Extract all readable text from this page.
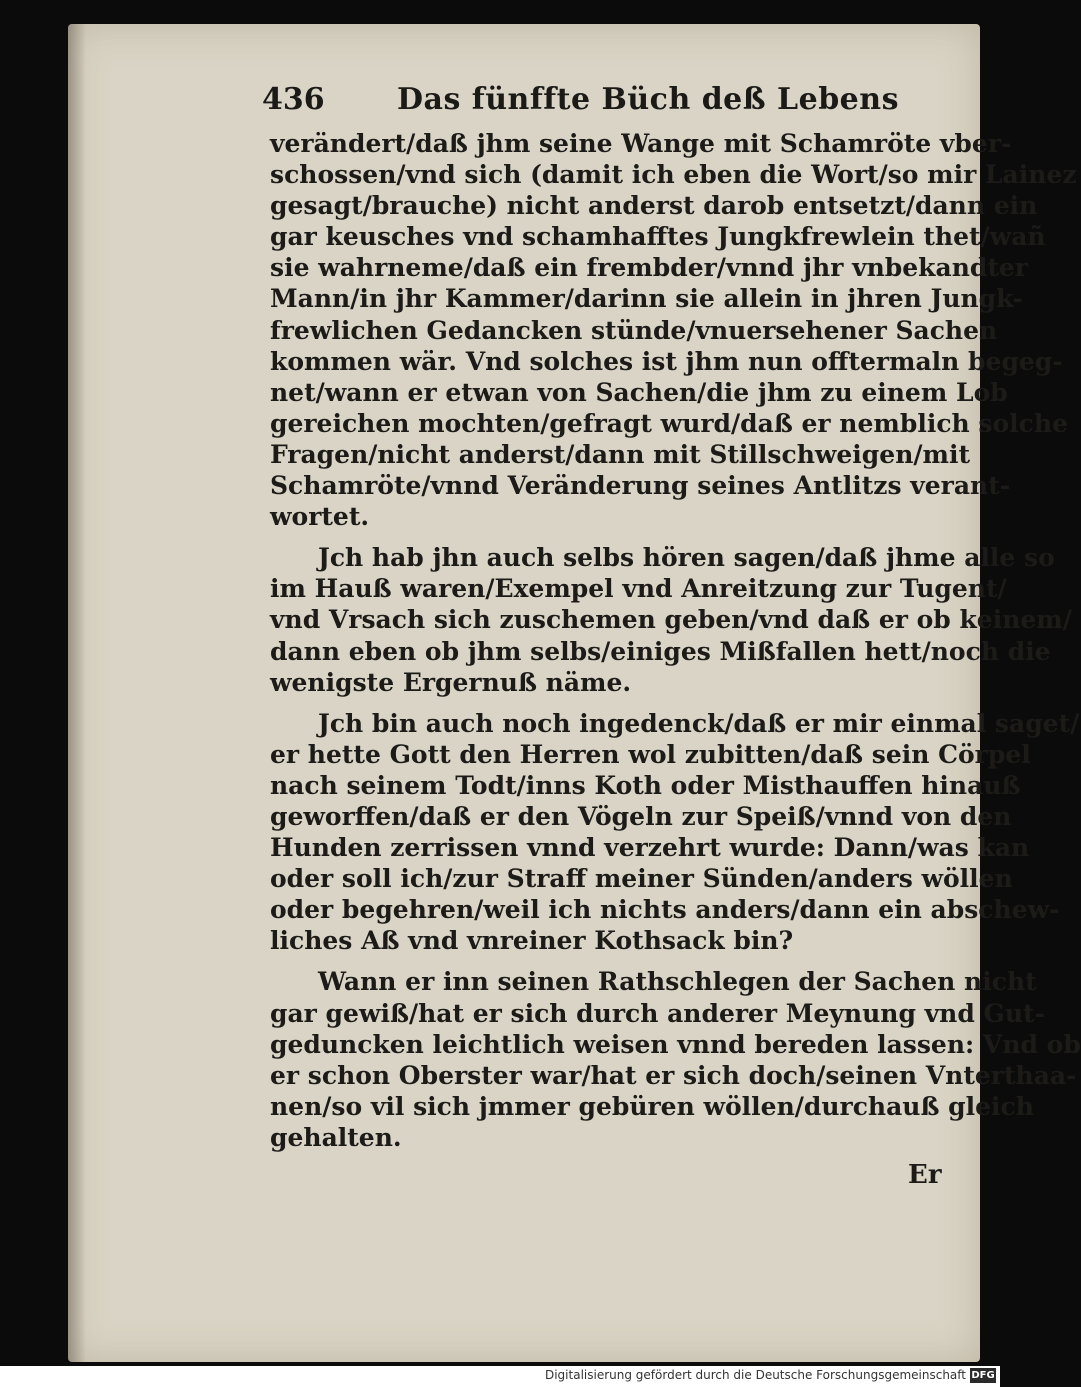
436 Das fünffte Büch deß Lebens
verändert/daß jhm seine Wange mit Schamröte vber-
schossen/vnd sich (damit ich eben die Wort/so mir Lainez
gesagt/brauche) nicht anderst darob entsetzt/dann ein
gar keusches vnd schamhafftes Jungkfrewlein thet/wañ
sie wahrneme/daß ein frembder/vnnd jhr vnbekandter
Mann/in jhr Kammer/darinn sie allein in jhren Jungk-
frewlichen Gedancken stünde/vnuersehener Sachen
kommen wär. Vnd solches ist jhm nun offtermaln begeg-
net/wann er etwan von Sachen/die jhm zu einem Lob
gereichen mochten/gefragt wurd/daß er nemblich solche
Fragen/nicht anderst/dann mit Stillschweigen/mit
Schamröte/vnnd Veränderung seines Antlitzs verant-
wortet.
Jch hab jhn auch selbs hören sagen/daß jhme alle so
im Hauß waren/Exempel vnd Anreitzung zur Tugent/
vnd Vrsach sich zuschemen geben/vnd daß er ob keinem/
dann eben ob jhm selbs/einiges Mißfallen hett/noch die
wenigste Ergernuß näme.
Jch bin auch noch ingedenck/daß er mir einmal saget/
er hette Gott den Herren wol zubitten/daß sein Cörpel
nach seinem Todt/inns Koth oder Misthauffen hinauß
geworffen/daß er den Vögeln zur Speiß/vnnd von den
Hunden zerrissen vnnd verzehrt wurde: Dann/was kan
oder soll ich/zur Straff meiner Sünden/anders wöllen
oder begehren/weil ich nichts anders/dann ein abschew-
liches Aß vnd vnreiner Kothsack bin?
Wann er inn seinen Rathschlegen der Sachen nicht
gar gewiß/hat er sich durch anderer Meynung vnd Gut-
geduncken leichtlich weisen vnnd bereden lassen: Vnd ob
er schon Oberster war/hat er sich doch/seinen Vnterthaa-
nen/so vil sich jmmer gebüren wöllen/durchauß gleich
gehalten.
Er
Digitalisierung gefördert durch die Deutsche Forschungsgemeinschaft DFG
